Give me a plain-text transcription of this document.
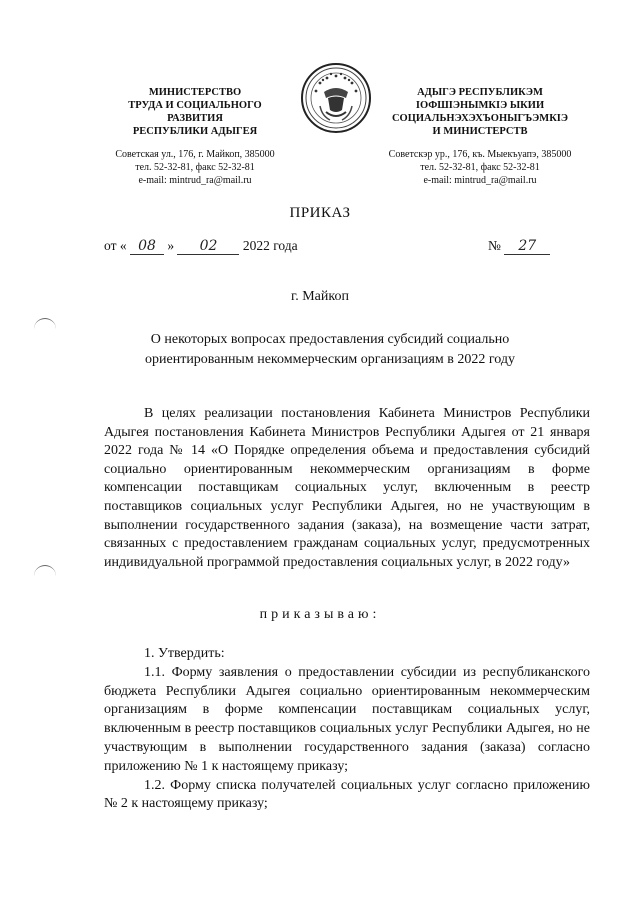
МИНИСТЕРСТВО
ТРУДА И СОЦИАЛЬНОГО
РАЗВИТИЯ
РЕСПУБЛИКИ АДЫГЕЯ
Советская ул., 176, г. Майкоп, 385000
тел. 52-32-81, факс 52-32-81
e-mail: mintrud_ra@mail.ru
АДЫГЭ РЕСПУБЛИКЭМ
ІОФШІЭНЫМКІЭ ЫКИИ
СОЦИАЛЬНЭХЭХЪОНЫГЪЭМКІЭ
И МИНИСТЕРСТВ
Советскэр ур., 176, къ. Мыекъуапэ, 385000
тел. 52-32-81, факс 52-32-81
e-mail: mintrud_ra@mail.ru
ПРИКАЗ
от « 08 » 02 2022 года	№ 27
г. Майкоп
О некоторых вопросах предоставления субсидий социально
ориентированным некоммерческим организациям в 2022 году
В целях реализации постановления Кабинета Министров Республики Адыгея постановления Кабинета Министров Республики Адыгея от 21 января 2022 года № 14 «О Порядке определения объема и предоставления субсидий социально ориентированным некоммерческим организациям в форме компенсации поставщикам социальных услуг, включенным в реестр поставщиков социальных услуг Республики Адыгея, но не участвующим в выполнении государственного задания (заказа), на возмещение части затрат, связанных с предоставлением гражданам социальных услуг, предусмотренных индивидуальной программой предоставления социальных услуг, в 2022 году»
приказываю:

1. Утвердить:

1.1. Форму заявления о предоставлении субсидии из республиканского бюджета Республики Адыгея социально ориентированным некоммерческим организациям в форме компенсации поставщикам социальных услуг, включенным в реестр поставщиков социальных услуг Республики Адыгея, но не участвующим в выполнении государственного задания (заказа) согласно приложению № 1 к настоящему приказу;

1.2. Форму списка получателей социальных услуг согласно приложению № 2 к настоящему приказу;
